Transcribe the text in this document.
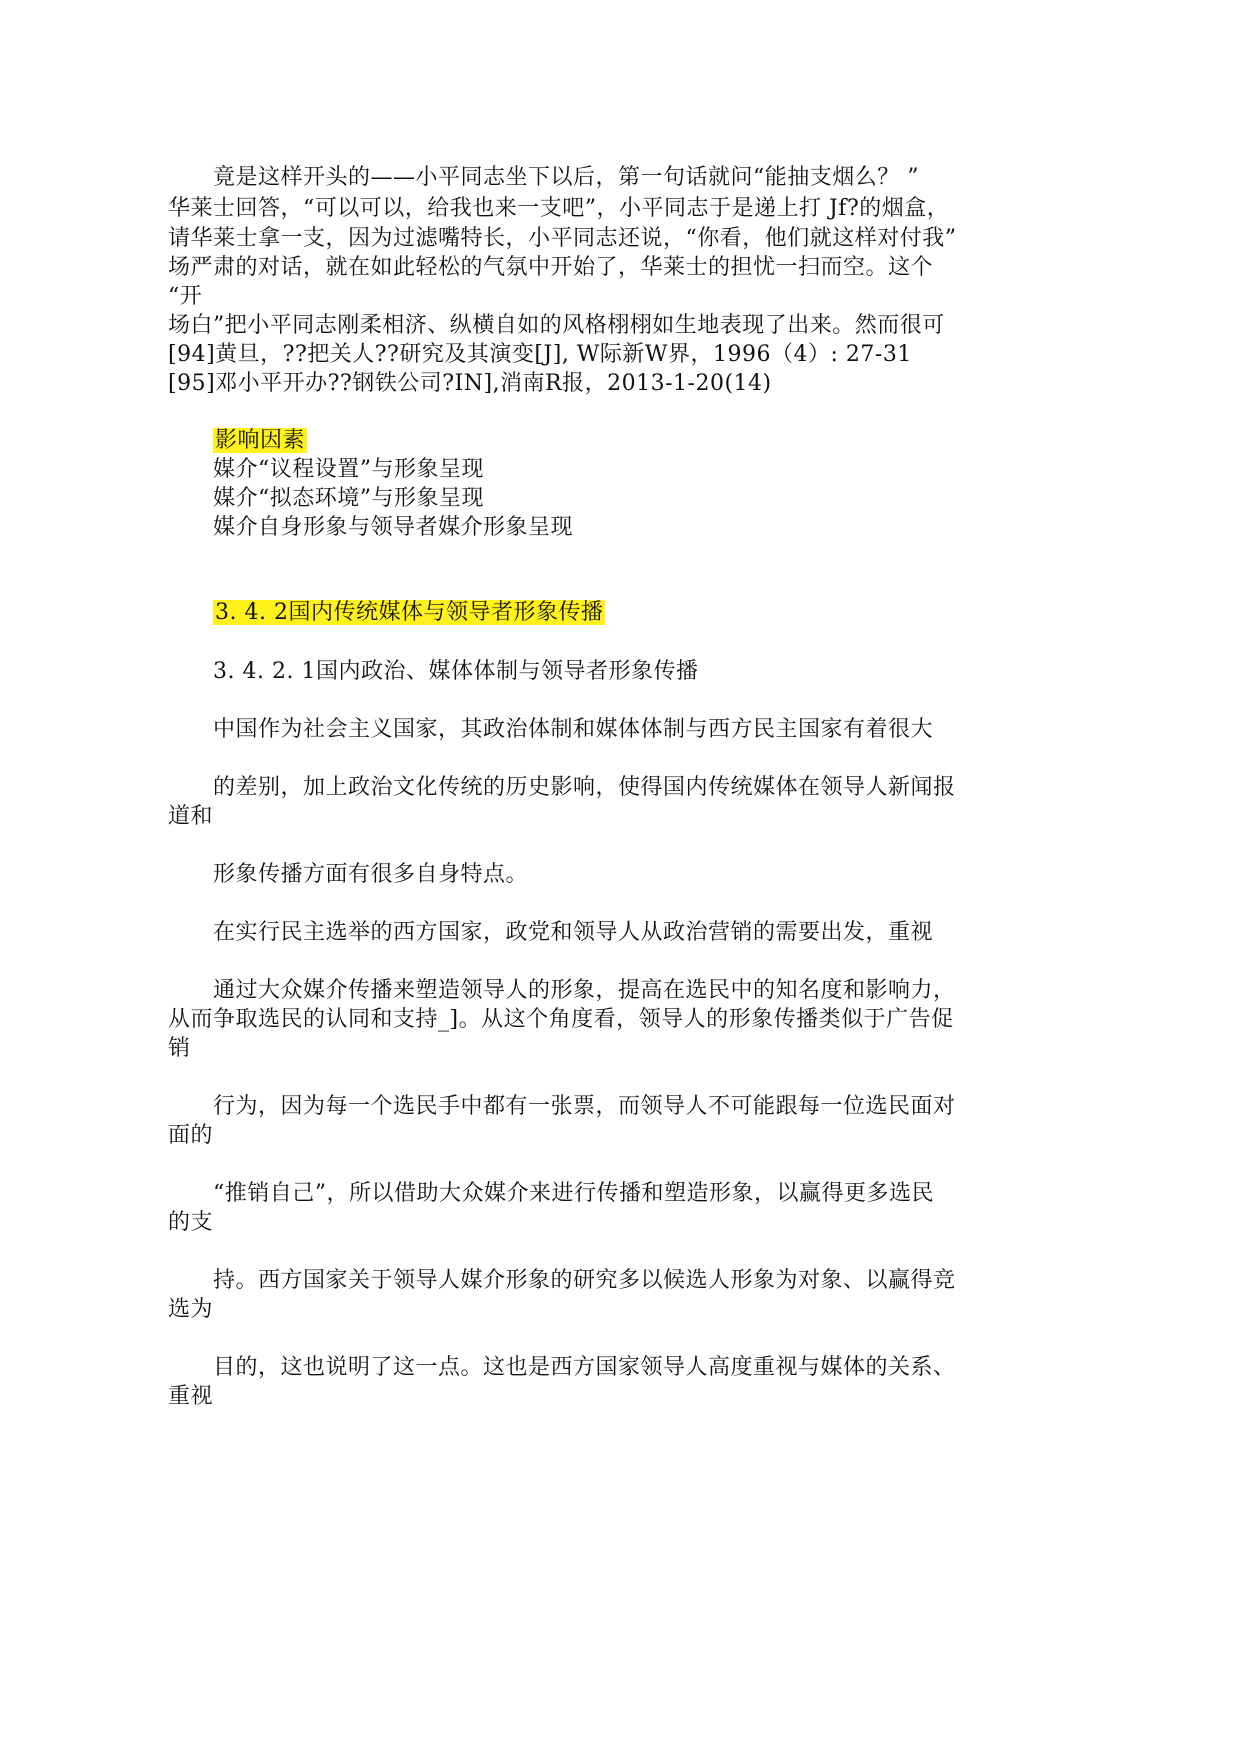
竟是这样开头的——小平同志坐下以后，第一句话就问“能抽支烟么？ ”
华莱士回答，“可以可以，给我也来一支吧”，小平同志于是递上打 Jf?的烟盒，
请华莱士拿一支，因为过滤嘴特长，小平同志还说，“你看，他们就这样对付我”
场严肃的对话，就在如此轻松的气氛中开始了，华莱士的担忧一扫而空。这个
“开
场白”把小平同志刚柔相济、纵横自如的风格栩栩如生地表现了出来。然而很可
[94]黄旦，??把关人??研究及其演变[J], W际新W界，1996（4）: 27-31
[95]邓小平开办??钢铁公司?IN],消南R报，2013-1-20(14)
影响因素
媒介“议程设置”与形象呈现
媒介“拟态环境”与形象呈现
媒介自身形象与领导者媒介形象呈现
3. 4. 2国内传统媒体与领导者形象传播
3. 4. 2. 1国内政治、媒体体制与领导者形象传播
中国作为社会主义国家，其政治体制和媒体体制与西方民主国家有着很大
的差别，加上政治文化传统的历史影响，使得国内传统媒体在领导人新闻报
道和
形象传播方面有很多自身特点。
在实行民主选举的西方国家，政党和领导人从政治营销的需要出发，重视
通过大众媒介传播来塑造领导人的形象，提高在选民中的知名度和影响力，
从而争取选民的认同和支持_]。从这个角度看，领导人的形象传播类似于广告促
销
行为，因为每一个选民手中都有一张票，而领导人不可能跟每一位选民面对
面的
“推销自己”，所以借助大众媒介来进行传播和塑造形象，以赢得更多选民
的支
持。西方国家关于领导人媒介形象的研究多以候选人形象为对象、以赢得竞
选为
目的，这也说明了这一点。这也是西方国家领导人高度重视与媒体的关系、
重视
